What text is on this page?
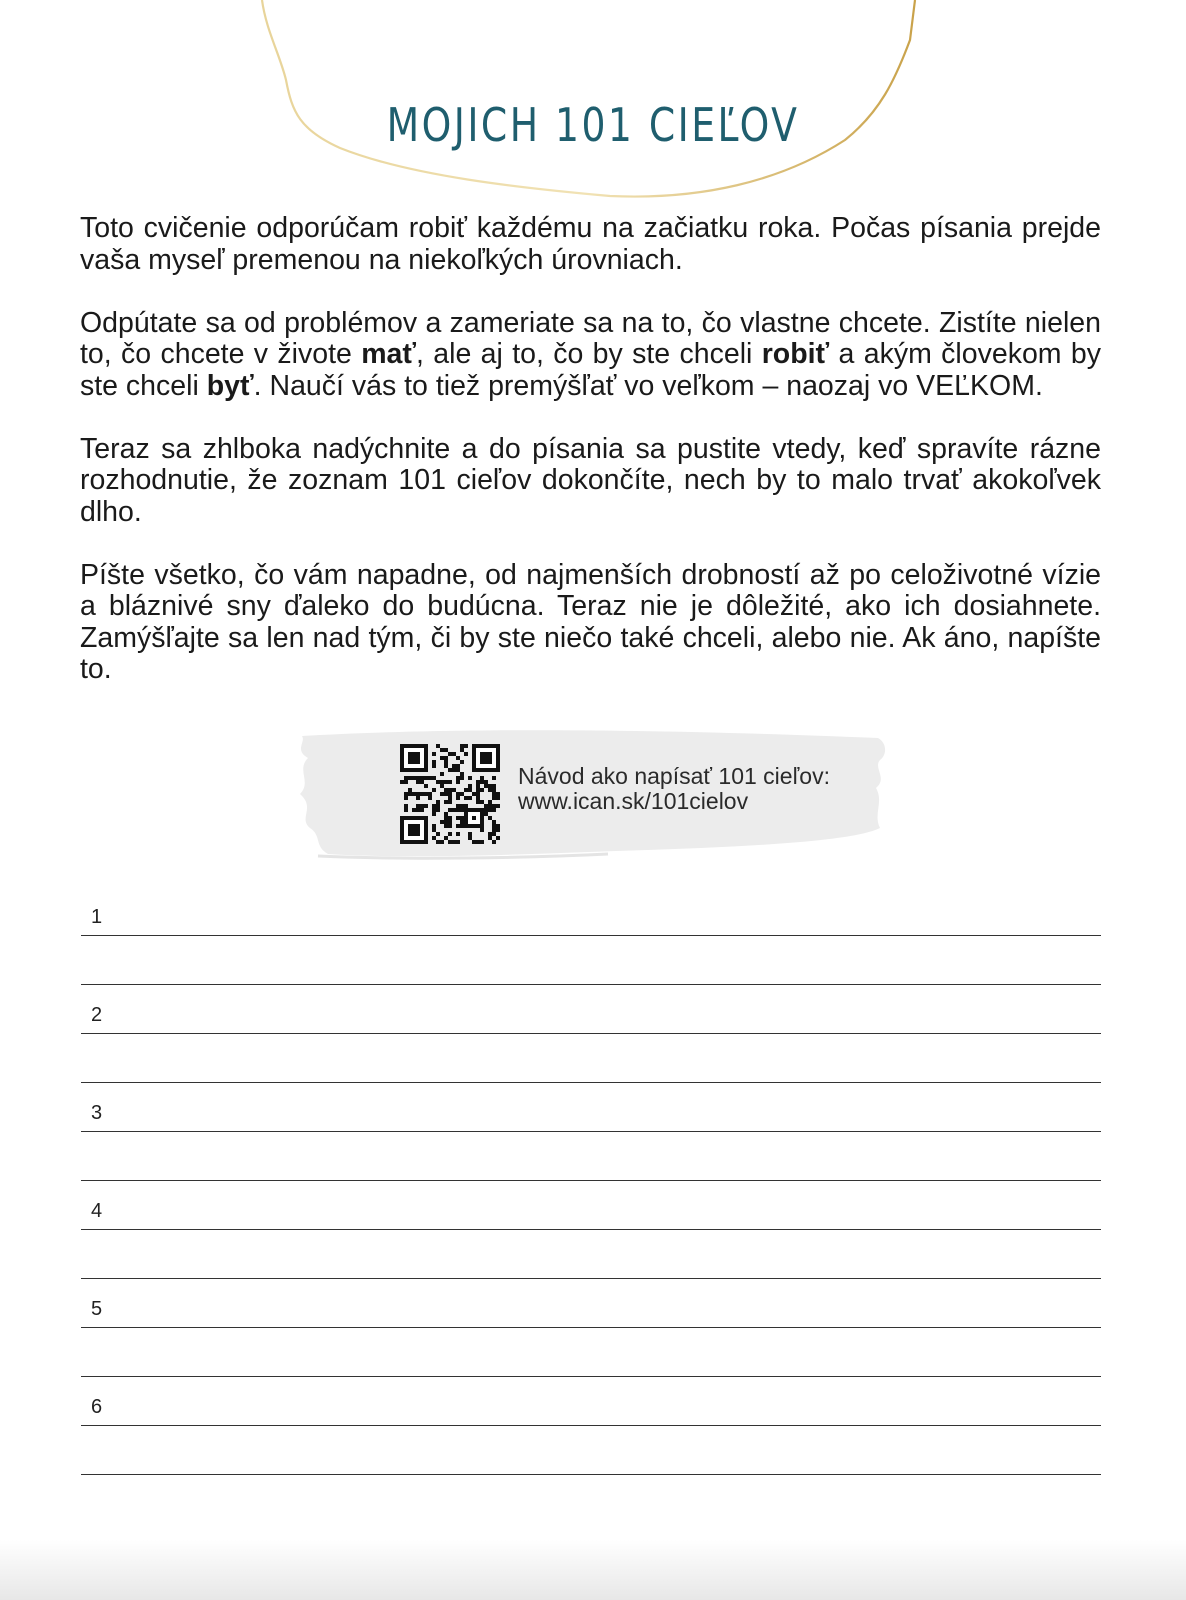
MOJICH 101 CIEĽOV

Toto cvičenie odporúčam robiť každému na začiatku roka. Počas písania prejde vaša myseľ premenou na niekoľkých úrovniach.

Odpútate sa od problémov a zameriate sa na to, čo vlastne chcete. Zistíte nielen to, čo chcete v živote mať, ale aj to, čo by ste chceli robiť a akým človekom by ste chceli byť. Naučí vás to tiež premýšľať vo veľkom – naozaj vo VEĽKOM.

Teraz sa zhlboka nadýchnite a do písania sa pustite vtedy, keď spravíte rázne rozhodnutie, že zoznam 101 cieľov dokončíte, nech by to malo trvať akokoľvek dlho.

Píšte všetko, čo vám napadne, od najmenších drobností až po celoživotné vízie a bláznivé sny ďaleko do budúcna. Teraz nie je dôležité, ako ich dosiahnete. Zamýšľajte sa len nad tým, či by ste niečo také chceli, alebo nie. Ak áno, napíšte to.

Návod ako napísať 101 cieľov:
www.ican.sk/101cielov
1
2
3
4
5
6
